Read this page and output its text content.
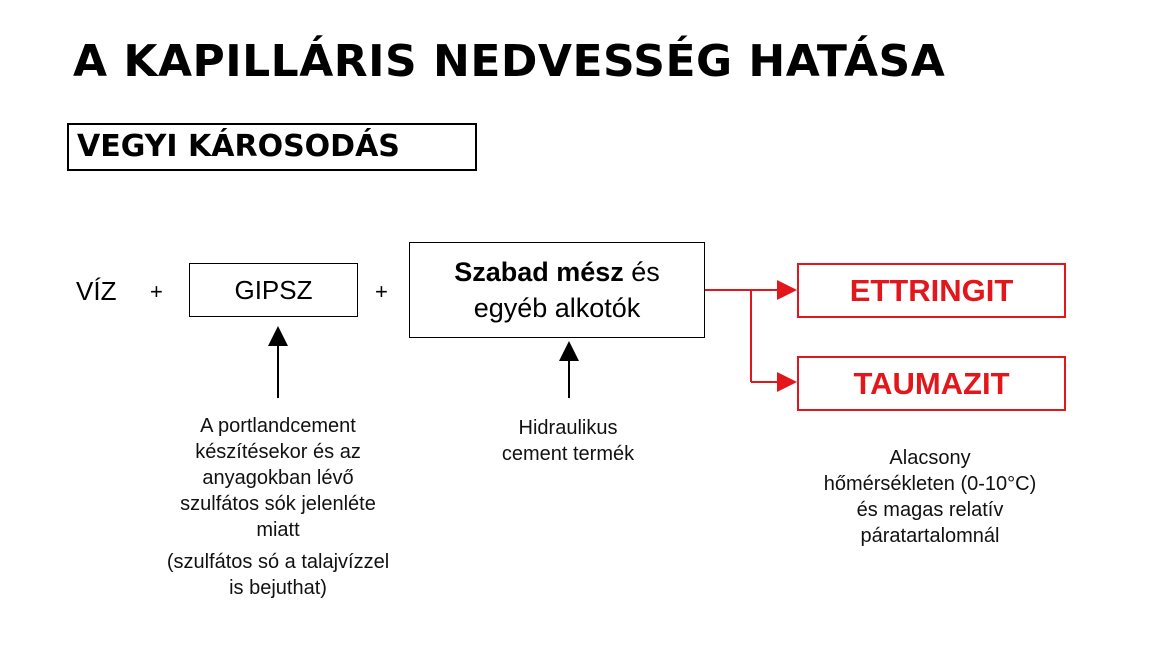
A KAPILLÁRIS NEDVESSÉG HATÁSA
VEGYI KÁROSODÁS
VÍZ +	GIPSZ	+
Szabad mész és
egyéb alkotók
ETTRINGIT
TAUMAZIT
A portlandcement
készítésekor és az
anyagokban lévő
szulfátos sók jelenléte
miatt
(szulfátos só a talajvízzel
is bejuthat)
Hidraulikus
cement termék	Alacsony
hőmérsékleten (0-10°C)
és magas relatív
páratartalomnál
